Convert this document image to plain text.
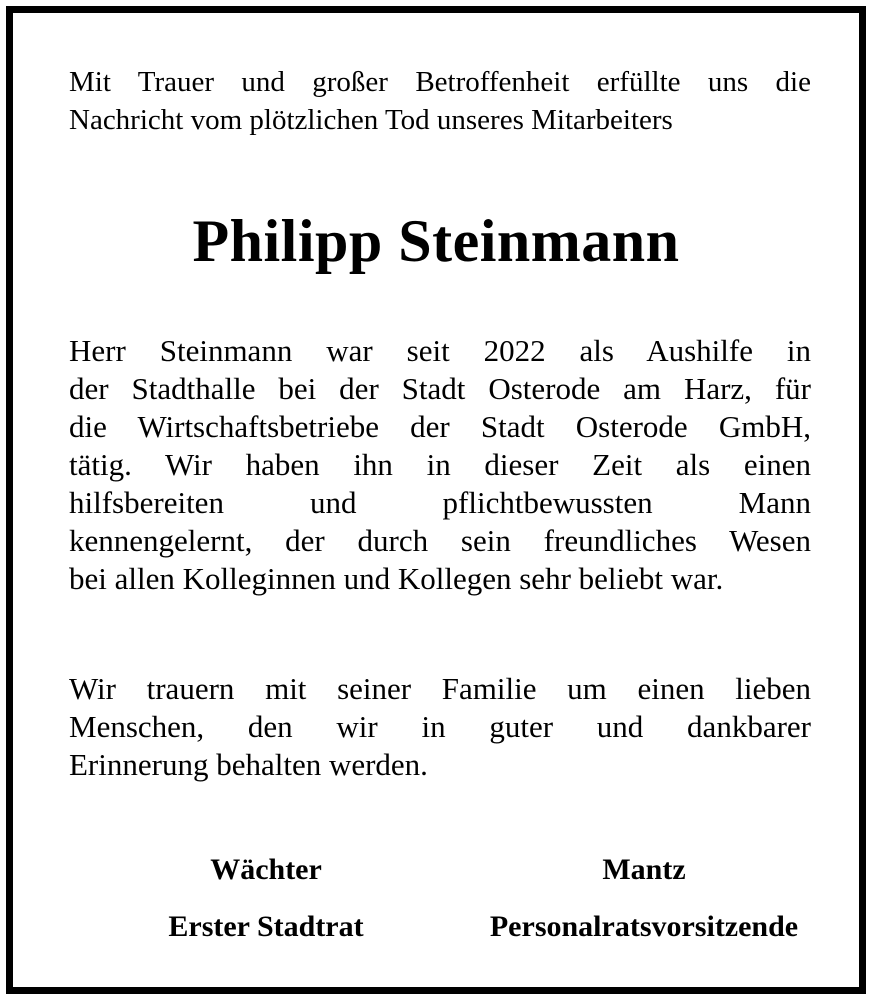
Mit Trauer und großer Betroffenheit erfüllte uns die
Nachricht vom plötzlichen Tod unseres Mitarbeiters
Philipp Steinmann
Herr Steinmann war seit 2022 als Aushilfe in
der Stadthalle bei der Stadt Osterode am Harz, für
die Wirtschaftsbetriebe der Stadt Osterode GmbH,
tätig. Wir haben ihn in dieser Zeit als einen
hilfsbereiten und pflichtbewussten Mann
kennengelernt, der durch sein freundliches Wesen
bei allen Kolleginnen und Kollegen sehr beliebt war.
Wir trauern mit seiner Familie um einen lieben
Menschen, den wir in guter und dankbarer
Erinnerung behalten werden.
Wächter
Erster Stadtrat
Mantz
Personalratsvorsitzende
